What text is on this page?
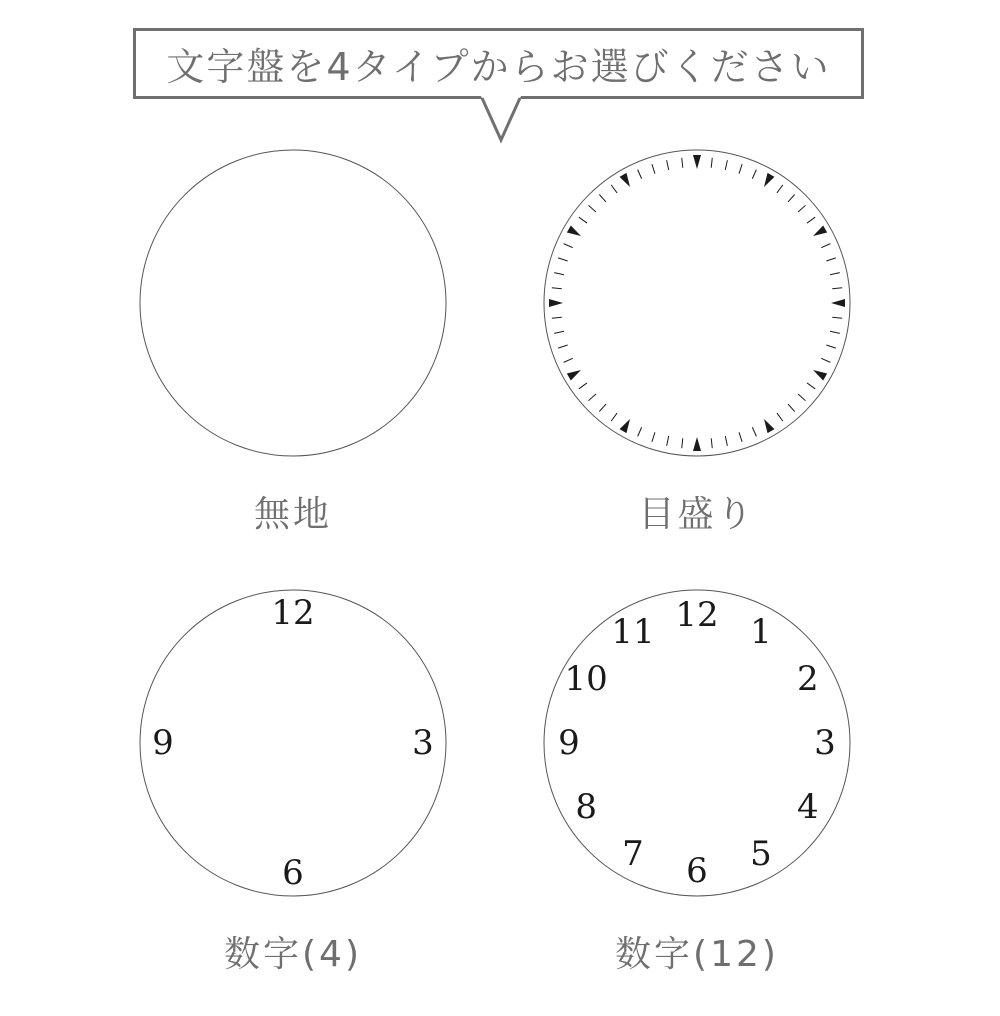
文字盤を4タイプからお選びください
無地	目盛り
12
3
6
9
数字(4)
12 1
2
3
4
5
6
7
8
9
10
11
数字(12)
